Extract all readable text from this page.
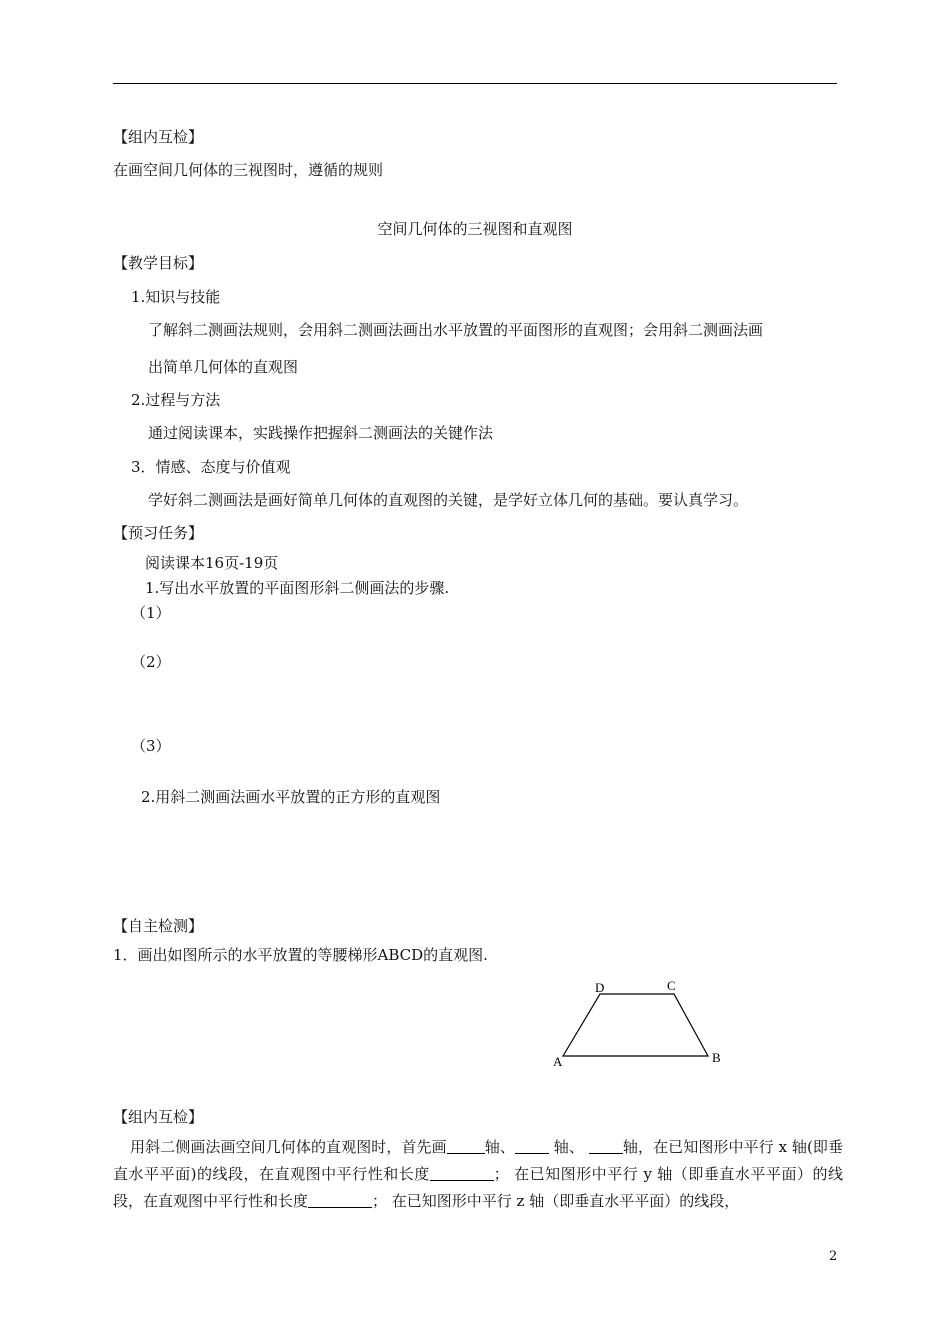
【组内互检】
在画空间几何体的三视图时，遵循的规则
空间几何体的三视图和直观图
【教学目标】
1.知识与技能
了解斜二测画法规则，会用斜二测画法画出水平放置的平面图形的直观图；会用斜二测画法画
出简单几何体的直观图
2.过程与方法
通过阅读课本，实践操作把握斜二测画法的关键作法
3．情感、态度与价值观
学好斜二测画法是画好简单几何体的直观图的关键，是学好立体几何的基础。要认真学习。
【预习任务】
阅读课本16页-19页
1.写出水平放置的平面图形斜二侧画法的步骤.
（1）
（2）
（3）
2.用斜二测画法画水平放置的正方形的直观图
【自主检测】
1．画出如图所示的水平放置的等腰梯形ABCD的直观图.
A	B
C
D
【组内互检】
用斜二侧画法画空间几何体的直观图时，首先画	轴、 轴、 轴，在已知图形中平行 x 轴(即垂直水平平面)的线段，在直观图中平行性和长度	； 在已知图形中平行 y 轴（即垂直水平平面）的线段，在直观图中平行性和长度	； 在已知图形中平行 z 轴（即垂直水平平面）的线段，
2
